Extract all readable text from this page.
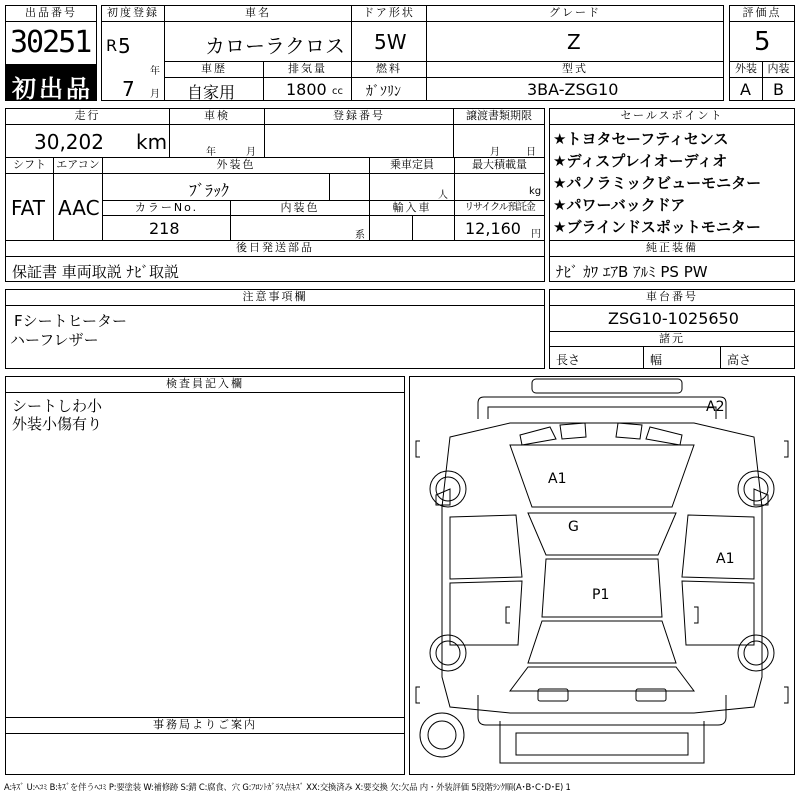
出品番号
30251
初出品
初度登録
R 5
年
7 月
車名
カローラクロス
ドア形状
5W
グレード
Z
評価点
5
車歴
自家用
排気量
1800 cc
燃料
ｶﾞｿﾘﾝ
型式
3BA-ZSG10
外装
A
内装
B
走行
30,202 km
車検
年	月
登録番号	譲渡書類期限
月	日
シフト
FAT
エアコン
AAC
外装色
ﾌﾞﾗｯｸ
乗車定員
人
最大積載量
kg
カラーNo.
218
内装色
系
輸入車	リサイクル預託金
12,160 円
後日発送部品
保証書 車両取説 ﾅﾋﾞ取説
セールスポイント
★トヨタセーフティセンス
★ディスプレイオーディオ
★パノラミックビューモニター
★パワーバックドア
★ブラインドスポットモニター
純正装備
ﾅﾋﾞ ｶﾜ ｴｱB ｱﾙﾐ PS PW
注意事項欄
Fシートヒーター
ハーフレザー
車台番号
ZSG10-1025650
諸元
長さ	幅	高さ
検査員記入欄
シートしわ小
外装小傷有り
事務局よりご案内
A2
A1
G
A1
P1
A:ｷｽﾞ U:ﾍｺﾐ B:ｷｽﾞを伴うﾍｺﾐ P:要塗装 W:補修跡 S:錆 C:腐食、穴 G:ﾌﾛﾝﾄｶﾞﾗｽ点ｷｽﾞ XX:交換済み X:要交換 欠:欠品 内・外装評価 5段階ﾗﾝｸ順(A･B･C･D･E) 1
